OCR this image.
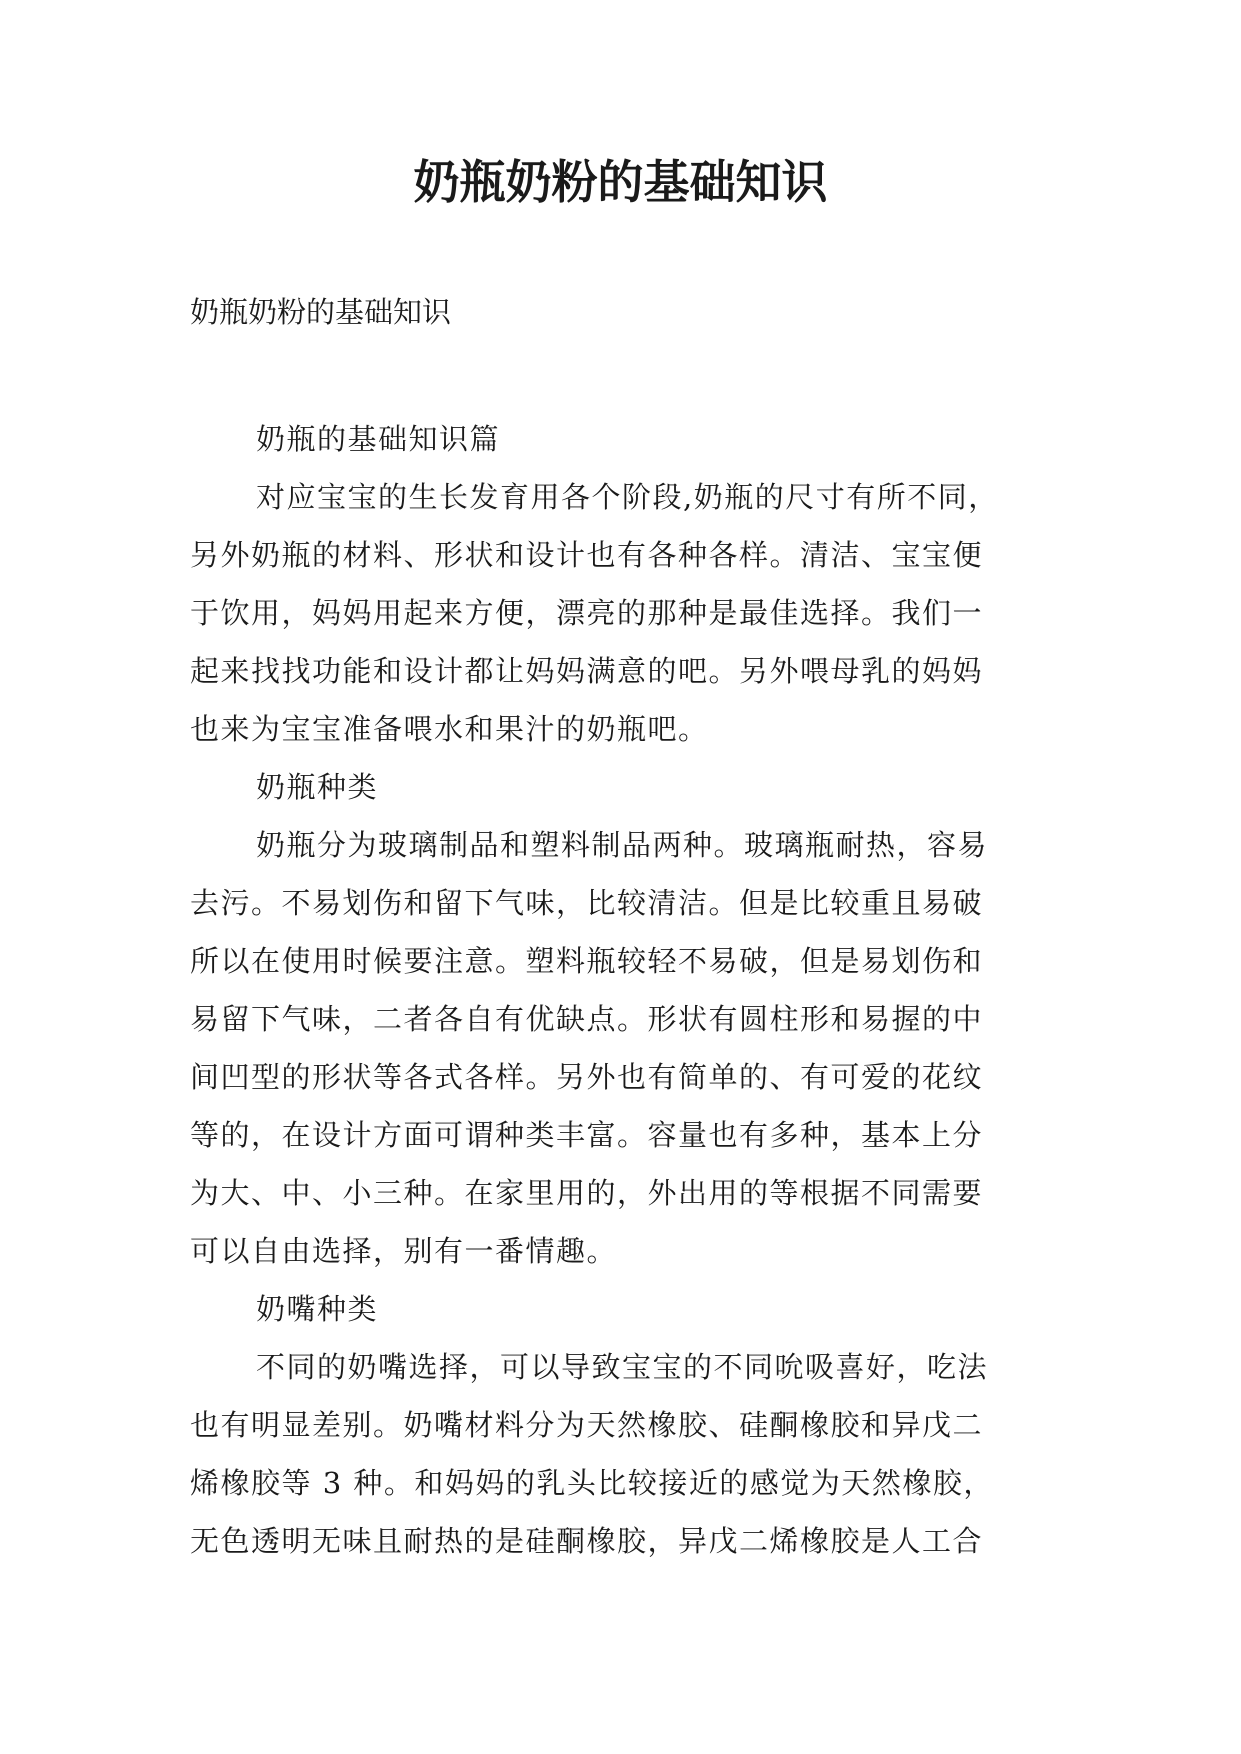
奶瓶奶粉的基础知识
奶瓶奶粉的基础知识
奶瓶的基础知识篇
对应宝宝的生长发育用各个阶段,奶瓶的尺寸有所不同，
另外奶瓶的材料、形状和设计也有各种各样。清洁、宝宝便
于饮用，妈妈用起来方便，漂亮的那种是最佳选择。我们一
起来找找功能和设计都让妈妈满意的吧。另外喂母乳的妈妈
也来为宝宝准备喂水和果汁的奶瓶吧。
奶瓶种类
奶瓶分为玻璃制品和塑料制品两种。玻璃瓶耐热，容易
去污。不易划伤和留下气味，比较清洁。但是比较重且易破
所以在使用时候要注意。塑料瓶较轻不易破，但是易划伤和
易留下气味，二者各自有优缺点。形状有圆柱形和易握的中
间凹型的形状等各式各样。另外也有简单的、有可爱的花纹
等的，在设计方面可谓种类丰富。容量也有多种，基本上分
为大、中、小三种。在家里用的，外出用的等根据不同需要
可以自由选择，别有一番情趣。
奶嘴种类
不同的奶嘴选择，可以导致宝宝的不同吮吸喜好，吃法
也有明显差别。奶嘴材料分为天然橡胶、硅酮橡胶和异戊二
烯橡胶等 3 种。和妈妈的乳头比较接近的感觉为天然橡胶，
无色透明无味且耐热的是硅酮橡胶，异戊二烯橡胶是人工合
